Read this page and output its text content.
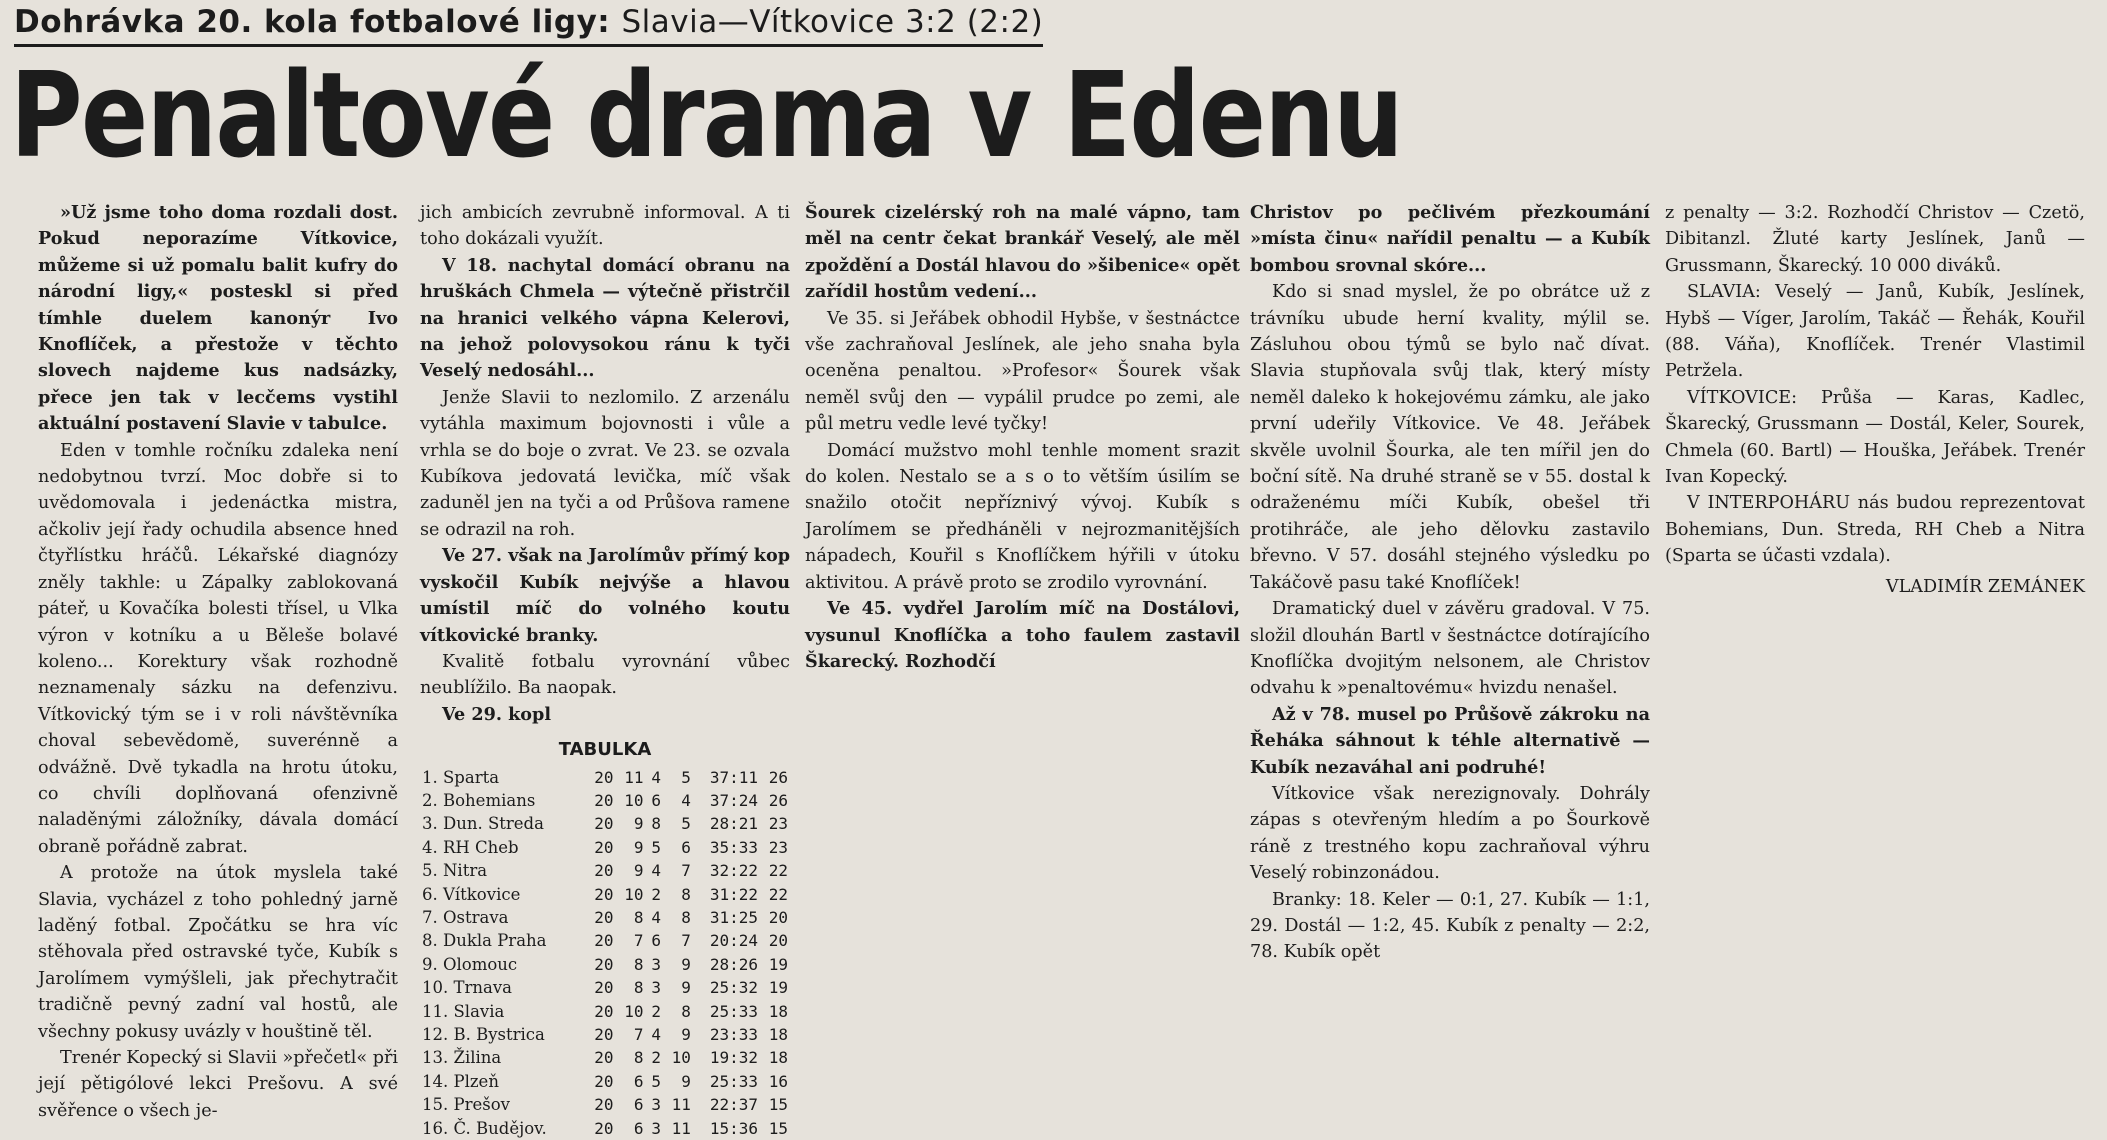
Dohrávka 20. kola fotbalové ligy: Slavia—Vítkovice 3:2 (2:2)
Penaltové drama v Edenu

»Už jsme toho doma rozdali dost. Pokud neporazíme Vítkovice, můžeme si už pomalu balit kufry do národní ligy,« posteskl si před tímhle duelem kanonýr Ivo Knoflíček, a přestože v těchto slovech najdeme kus nadsázky, přece jen tak v lecčems vystihl aktuální postavení Slavie v tabulce.

Eden v tomhle ročníku zdaleka není nedobytnou tvrzí. Moc dobře si to uvědomovala i jedenáctka mistra, ačkoliv její řady ochudila absence hned čtyřlístku hráčů. Lékařské diagnózy zněly takhle: u Zápalky zablokovaná páteř, u Kovačíka bolesti třísel, u Vlka výron v kotníku a u Běleše bolavé koleno... Korektury však rozhodně neznamenaly sázku na defenzivu. Vítkovický tým se i v roli návštěvníka choval sebevědomě, suverénně a odvážně. Dvě tykadla na hrotu útoku, co chvíli doplňovaná ofenzivně naladěnými záložníky, dávala domácí obraně pořádně zabrat.

A protože na útok myslela také Slavia, vycházel z toho pohledný jarně laděný fotbal. Zpočátku se hra víc stěhovala před ostravské tyče, Kubík s Jarolímem vymýšleli, jak přechytračit tradičně pevný zadní val hostů, ale všechny pokusy uvázly v houštině těl.

Trenér Kopecký si Slavii »přečetl« při její pětigólové lekci Prešovu. A své svěřence o všech je-

jich ambicích zevrubně informoval. A ti toho dokázali využít.

V 18. nachytal domácí obranu na hruškách Chmela — výtečně přistrčil na hranici velkého vápna Kelerovi, na jehož polovysokou ránu k tyči Veselý nedosáhl...

Jenže Slavii to nezlomilo. Z arzenálu vytáhla maximum bojovnosti i vůle a vrhla se do boje o zvrat. Ve 23. se ozvala Kubíkova jedovatá levička, míč však zaduněl jen na tyči a od Průšova ramene se odrazil na roh.

Ve 27. však na Jarolímův přímý kop vyskočil Kubík nejvýše a hlavou umístil míč do volného koutu vítkovické branky.

Kvalitě fotbalu vyrovnání vůbec neublížilo. Ba naopak.

Ve 29. kopl

TABULKA
1. Sparta	20	11	4	5	37:11	26
2. Bohemians	20	10	6	4	37:24	26
3. Dun. Streda	20	9	8	5	28:21	23
4. RH Cheb	20	9	5	6	35:33	23
5. Nitra	20	9	4	7	32:22	22
6. Vítkovice	20	10	2	8	31:22	22
7. Ostrava	20	8	4	8	31:25	20
8. Dukla Praha	20	7	6	7	20:24	20
9. Olomouc	20	8	3	9	28:26	19
10. Trnava	20	8	3	9	25:32	19
11. Slavia	20	10	2	8	25:33	18
12. B. Bystrica	20	7	4	9	23:33	18
13. Žilina	20	8	2	10	19:32	18
14. Plzeň	20	6	5	9	25:33	16
15. Prešov	20	6	3	11	22:37	15
16. Č. Budějov.	20	6	3	11	15:36	15

Šourek cizelérský roh na malé vápno, tam měl na centr čekat brankář Veselý, ale měl zpoždění a Dostál hlavou do »šibenice« opět zařídil hostům vedení...

Ve 35. si Jeřábek obhodil Hybše, v šestnáctce vše zachraňoval Jeslínek, ale jeho snaha byla oceněna penaltou. »Profesor« Šourek však neměl svůj den — vypálil prudce po zemi, ale půl metru vedle levé tyčky!

Domácí mužstvo mohl tenhle moment srazit do kolen. Nestalo se a s o to větším úsilím se snažilo otočit nepříznivý vývoj. Kubík s Jarolímem se předháněli v nejrozmanitějších nápadech, Kouřil s Knoflíčkem hýřili v útoku aktivitou. A právě proto se zrodilo vyrovnání.

Ve 45. vydřel Jarolím míč na Dostálovi, vysunul Knoflíčka a toho faulem zastavil Škarecký. Rozhodčí

Christov po pečlivém přezkoumání »místa činu« nařídil penaltu — a Kubík bombou srovnal skóre...

Kdo si snad myslel, že po obrátce už z trávníku ubude herní kvality, mýlil se. Zásluhou obou týmů se bylo nač dívat. Slavia stupňovala svůj tlak, který místy neměl daleko k hokejovému zámku, ale jako první udeřily Vítkovice. Ve 48. Jeřábek skvěle uvolnil Šourka, ale ten mířil jen do boční sítě. Na druhé straně se v 55. dostal k odraženému míči Kubík, obešel tři protihráče, ale jeho dělovku zastavilo břevno. V 57. dosáhl stejného výsledku po Takáčově pasu také Knoflíček!

Dramatický duel v závěru gradoval. V 75. složil dlouhán Bartl v šestnáctce dotírajícího Knoflíčka dvojitým nelsonem, ale Christov odvahu k »penaltovému« hvizdu nenašel.

Až v 78. musel po Průšově zákroku na Řeháka sáhnout k téhle alternativě — Kubík nezaváhal ani podruhé!

Vítkovice však nerezignovaly. Dohrály zápas s otevřeným hledím a po Šourkově ráně z trestného kopu zachraňoval výhru Veselý robinzonádou.

Branky: 18. Keler — 0:1, 27. Kubík — 1:1, 29. Dostál — 1:2, 45. Kubík z penalty — 2:2, 78. Kubík opět

z penalty — 3:2. Rozhodčí Christov — Czetö, Dibitanzl. Žluté karty Jeslínek, Janů — Grussmann, Škarecký. 10 000 diváků.

SLAVIA: Veselý — Janů, Kubík, Jeslínek, Hybš — Víger, Jarolím, Takáč — Řehák, Kouřil (88. Váňa), Knoflíček. Trenér Vlastimil Petržela.

VÍTKOVICE: Průša — Karas, Kadlec, Škarecký, Grussmann — Dostál, Keler, Sourek, Chmela (60. Bartl) — Houška, Jeřábek. Trenér Ivan Kopecký.

V INTERPOHÁRU nás budou reprezentovat Bohemians, Dun. Streda, RH Cheb a Nitra (Sparta se účasti vzdala).

VLADIMÍR ZEMÁNEK
